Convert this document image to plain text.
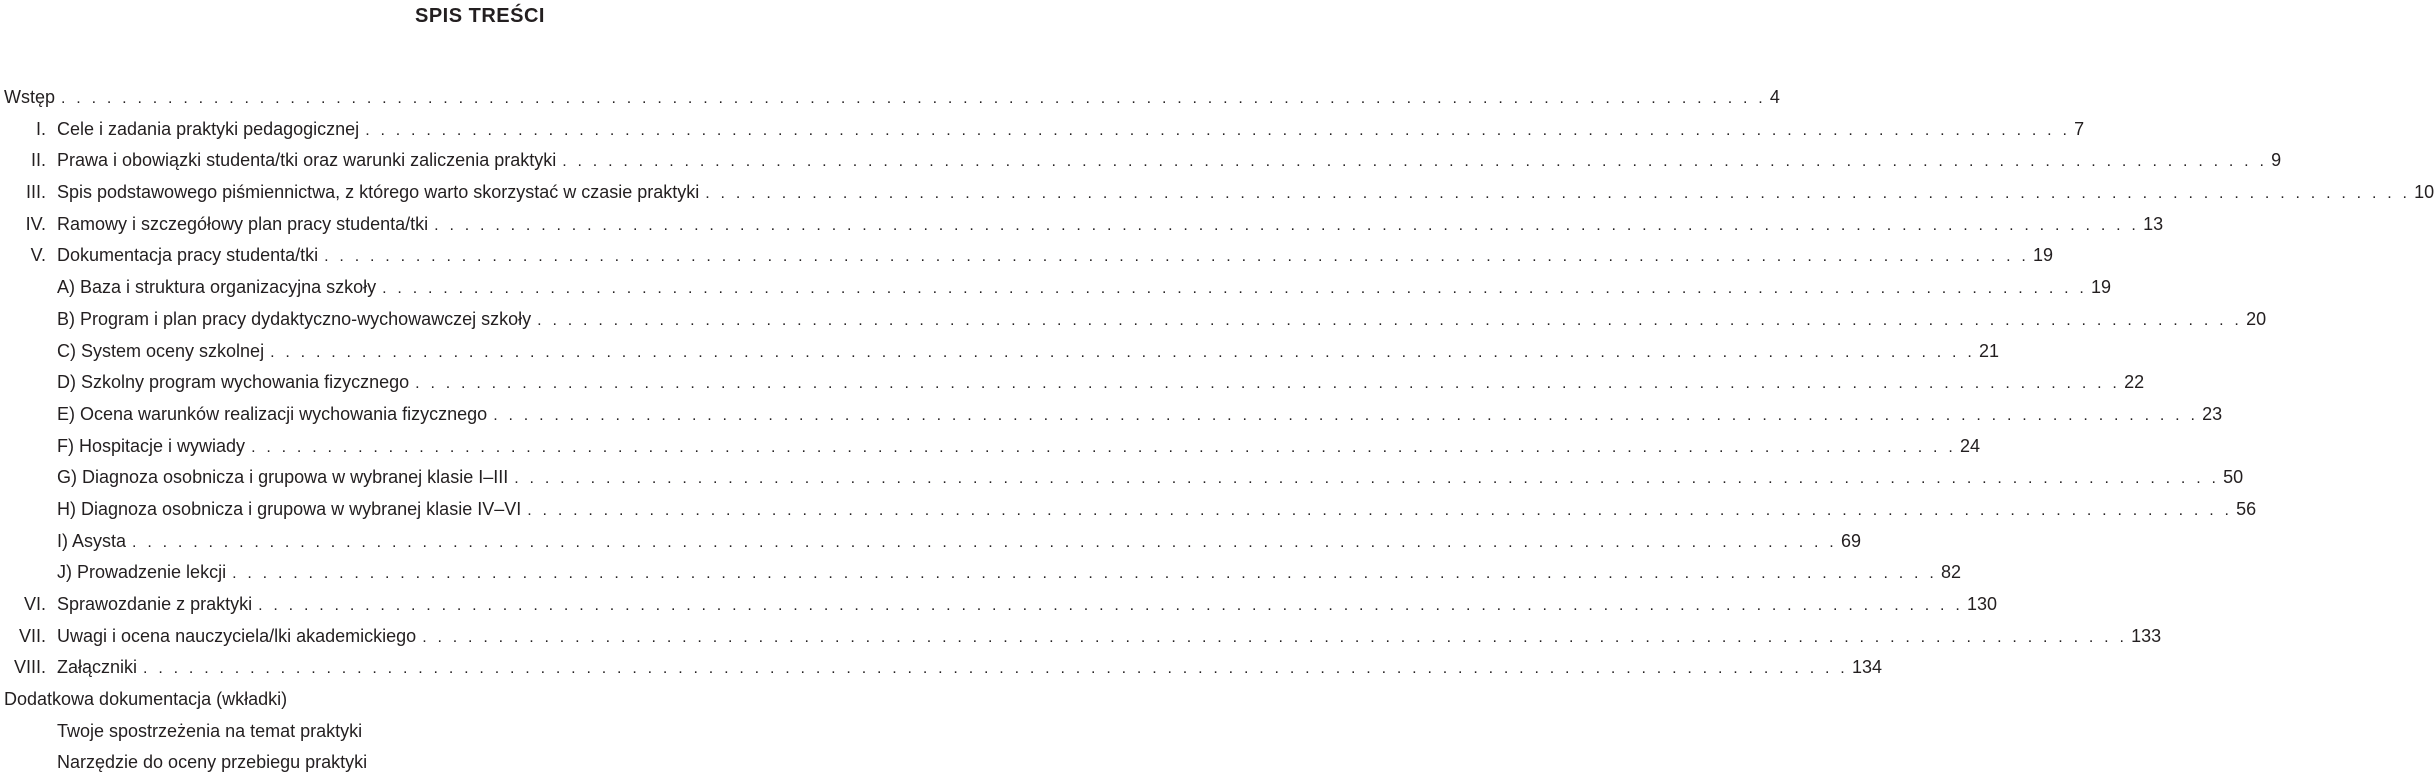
SPIS TREŚCI
Wstęp . . . . . . . . . . . . . . . . . . . . . . . . . . . . . . . . . . . . . . . . . . . . . . . . . . . . . . . . . . . . . . . . . . . . . . . . . . . . . . . . . . . . . . . . . . . . . . . . . . . . . . . . . . . . . . . . 4
I. Cele i zadania praktyki pedagogicznej . . . . . . . . . . . . . . . . . . . . . . . . . . . . . . . . . . . . . . . . . . . . . . . . . . . . . . . . . . . . . . . . . . . . . . . . . . . . . . . . . . . . . . . . . . . . . . . . . . . . . . . . . . . . . . . . 7
II. Prawa i obowiązki studenta/tki oraz warunki zaliczenia praktyki . . . . . . . . . . . . . . . . . . . . . . . . . . . . . . . . . . . . . . . . . . . . . . . . . . . . . . . . . . . . . . . . . . . . . . . . . . . . . . . . . . . . . . . . . . . . . . . . . . . . . . . . . . . . . . . . 9
III. Spis podstawowego piśmiennictwa, z którego warto skorzystać w czasie praktyki . . . . . . . . . . . . . . . . . . . . . . . . . . . . . . . . . . . . . . . . . . . . . . . . . . . . . . . . . . . . . . . . . . . . . . . . . . . . . . . . . . . . . . . . . . . . . . . . . . . . . . . . . . . . . . . . 10
IV. Ramowy i szczegółowy plan pracy studenta/tki . . . . . . . . . . . . . . . . . . . . . . . . . . . . . . . . . . . . . . . . . . . . . . . . . . . . . . . . . . . . . . . . . . . . . . . . . . . . . . . . . . . . . . . . . . . . . . . . . . . . . . . . . . . . . . . . 13
V. Dokumentacja pracy studenta/tki . . . . . . . . . . . . . . . . . . . . . . . . . . . . . . . . . . . . . . . . . . . . . . . . . . . . . . . . . . . . . . . . . . . . . . . . . . . . . . . . . . . . . . . . . . . . . . . . . . . . . . . . . . . . . . . . 19
A) Baza i struktura organizacyjna szkoły . . . . . . . . . . . . . . . . . . . . . . . . . . . . . . . . . . . . . . . . . . . . . . . . . . . . . . . . . . . . . . . . . . . . . . . . . . . . . . . . . . . . . . . . . . . . . . . . . . . . . . . . . . . . . . . . 19
B) Program i plan pracy dydaktyczno-wychowawczej szkoły . . . . . . . . . . . . . . . . . . . . . . . . . . . . . . . . . . . . . . . . . . . . . . . . . . . . . . . . . . . . . . . . . . . . . . . . . . . . . . . . . . . . . . . . . . . . . . . . . . . . . . . . . . . . . . . . 20
C) System oceny szkolnej . . . . . . . . . . . . . . . . . . . . . . . . . . . . . . . . . . . . . . . . . . . . . . . . . . . . . . . . . . . . . . . . . . . . . . . . . . . . . . . . . . . . . . . . . . . . . . . . . . . . . . . . . . . . . . . . 21
D) Szkolny program wychowania fizycznego . . . . . . . . . . . . . . . . . . . . . . . . . . . . . . . . . . . . . . . . . . . . . . . . . . . . . . . . . . . . . . . . . . . . . . . . . . . . . . . . . . . . . . . . . . . . . . . . . . . . . . . . . . . . . . . . 22
E) Ocena warunków realizacji wychowania fizycznego . . . . . . . . . . . . . . . . . . . . . . . . . . . . . . . . . . . . . . . . . . . . . . . . . . . . . . . . . . . . . . . . . . . . . . . . . . . . . . . . . . . . . . . . . . . . . . . . . . . . . . . . . . . . . . . . 23
F) Hospitacje i wywiady . . . . . . . . . . . . . . . . . . . . . . . . . . . . . . . . . . . . . . . . . . . . . . . . . . . . . . . . . . . . . . . . . . . . . . . . . . . . . . . . . . . . . . . . . . . . . . . . . . . . . . . . . . . . . . . . 24
G) Diagnoza osobnicza i grupowa w wybranej klasie I–III . . . . . . . . . . . . . . . . . . . . . . . . . . . . . . . . . . . . . . . . . . . . . . . . . . . . . . . . . . . . . . . . . . . . . . . . . . . . . . . . . . . . . . . . . . . . . . . . . . . . . . . . . . . . . . . . 50
H) Diagnoza osobnicza i grupowa w wybranej klasie IV–VI . . . . . . . . . . . . . . . . . . . . . . . . . . . . . . . . . . . . . . . . . . . . . . . . . . . . . . . . . . . . . . . . . . . . . . . . . . . . . . . . . . . . . . . . . . . . . . . . . . . . . . . . . . . . . . . . 56
I) Asysta . . . . . . . . . . . . . . . . . . . . . . . . . . . . . . . . . . . . . . . . . . . . . . . . . . . . . . . . . . . . . . . . . . . . . . . . . . . . . . . . . . . . . . . . . . . . . . . . . . . . . . . . . . . . . . . . 69
J) Prowadzenie lekcji . . . . . . . . . . . . . . . . . . . . . . . . . . . . . . . . . . . . . . . . . . . . . . . . . . . . . . . . . . . . . . . . . . . . . . . . . . . . . . . . . . . . . . . . . . . . . . . . . . . . . . . . . . . . . . . . 82
VI. Sprawozdanie z praktyki . . . . . . . . . . . . . . . . . . . . . . . . . . . . . . . . . . . . . . . . . . . . . . . . . . . . . . . . . . . . . . . . . . . . . . . . . . . . . . . . . . . . . . . . . . . . . . . . . . . . . . . . . . . . . . . . 130
VII. Uwagi i ocena nauczyciela/lki akademickiego . . . . . . . . . . . . . . . . . . . . . . . . . . . . . . . . . . . . . . . . . . . . . . . . . . . . . . . . . . . . . . . . . . . . . . . . . . . . . . . . . . . . . . . . . . . . . . . . . . . . . . . . . . . . . . . . 133
VIII. Załączniki . . . . . . . . . . . . . . . . . . . . . . . . . . . . . . . . . . . . . . . . . . . . . . . . . . . . . . . . . . . . . . . . . . . . . . . . . . . . . . . . . . . . . . . . . . . . . . . . . . . . . . . . . . . . . . . . 134
Dodatkowa dokumentacja (wkładki)
Twoje spostrzeżenia na temat praktyki
Narzędzie do oceny przebiegu praktyki
